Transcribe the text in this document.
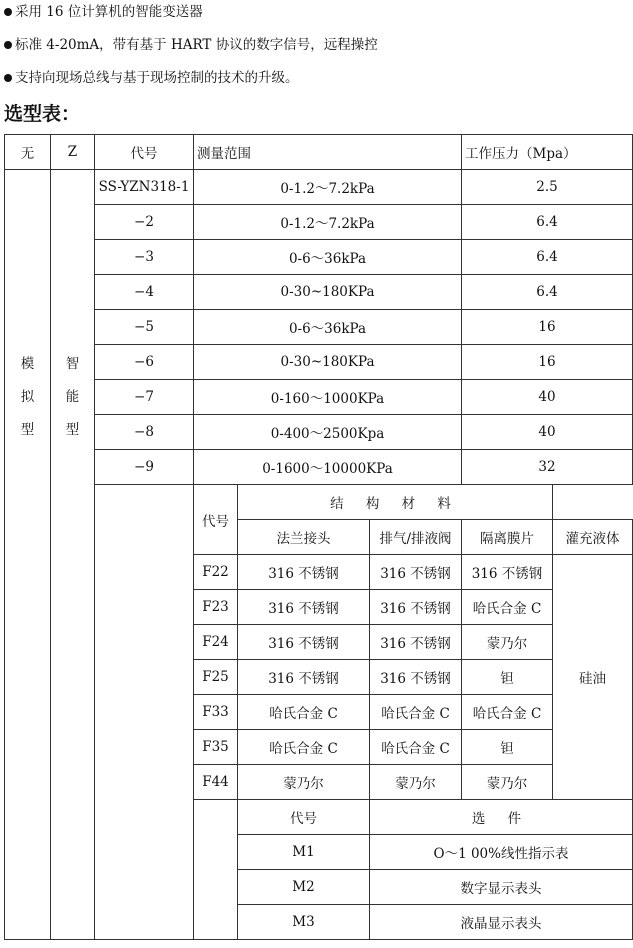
采用 16 位计算机的智能变送器
标准 4-20mA，带有基于 HART 协议的数字信号，远程操控
支持向现场总线与基于现场控制的技术的升级。
选型表：
无	Z	代号	测量范围			工作压力（Mpa）	

模
拟
型	智
能
型	SS-YZN318-1	0-1.2～7.2kPa			2.5	
		−2	0-1.2～7.2kPa			6.4	
		−3	0-6～36kPa			6.4	
		−4	0-30~180KPa			6.4	
		−5	0-6～36kPa			16	
		−6	0-30~180KPa			16	
		−7	0-160～1000KPa			40	
		−8	0-400～2500Kpa			40	
		−9	0-1600～10000KPa			32	
			代号	结 构 材 料			
				法兰接头	排气/排液阀	隔离膜片	灌充液体
			F22	316 不锈钢	316 不锈钢	316 不锈钢	硅油
			F23	316 不锈钢	316 不锈钢	哈氏合金 C	
			F24	316 不锈钢	316 不锈钢	蒙乃尔	
			F25	316 不锈钢	316 不锈钢	钽	
			F33	哈氏合金 C	哈氏合金 C	哈氏合金 C	
			F35	哈氏合金 C	哈氏合金 C	钽	
			F44	蒙乃尔	蒙乃尔	蒙乃尔	
				代号	选 件		
				M1	O～1 00%线性指示表		
				M2	数字显示表头		
				M3	液晶显示表头		
